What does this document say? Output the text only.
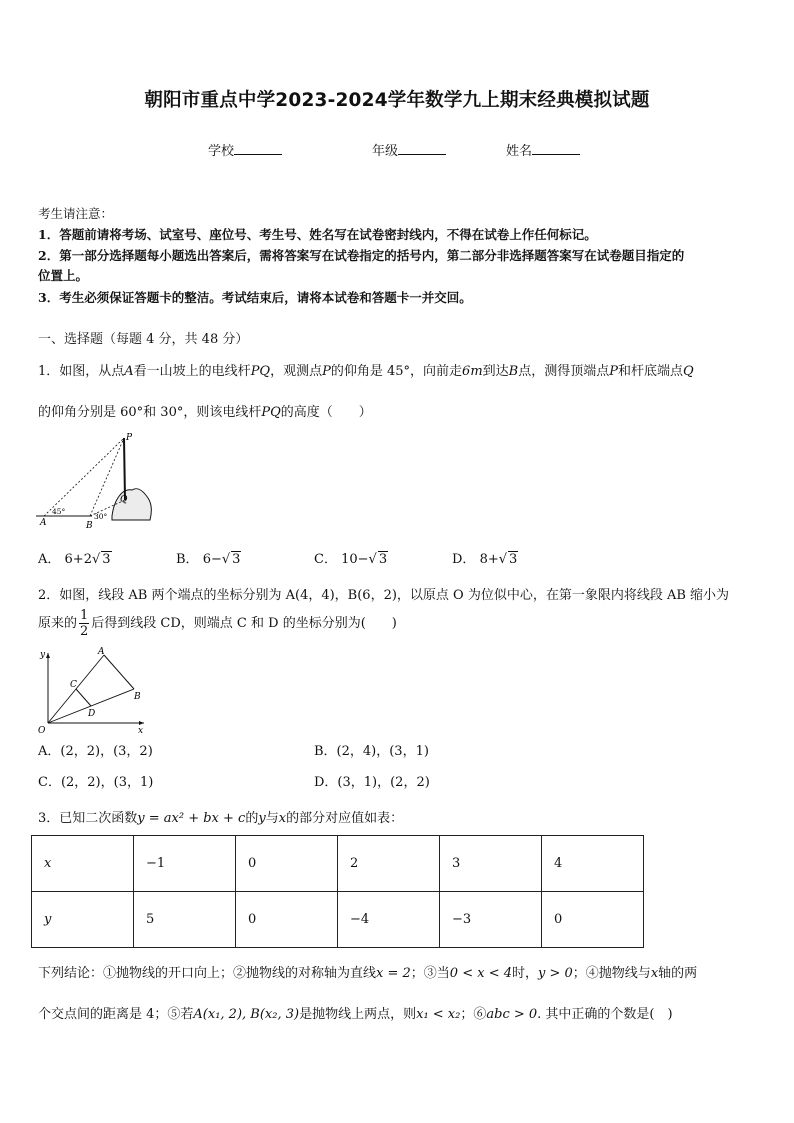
朝阳市重点中学2023-2024学年数学九上期末经典模拟试题
学校	年级	姓名
考生请注意：
1．答题前请将考场、试室号、座位号、考生号、姓名写在试卷密封线内，不得在试卷上作任何标记。
2．第一部分选择题每小题选出答案后，需将答案写在试卷指定的括号内，第二部分非选择题答案写在试卷题目指定的
位置上。
3．考生必须保证答题卡的整洁。考试结束后，请将本试卷和答题卡一并交回。
一、选择题（每题 4 分，共 48 分）
1．如图，从点A看一山坡上的电线杆PQ，观测点P的仰角是 45°，向前走6m到达B点，测得顶端点P和杆底端点Q
的仰角分别是 60°和 30°，则该电线杆PQ的高度（　　）
P
Q
A	B
45°
30°
A． 6+2√ 3	B． 6−√ 3	C． 10−√ 3	D． 8+√ 3
2．如图，线段 AB 两个端点的坐标分别为 A(4，4)，B(6，2)，以原点 O 为位似中心，在第一象限内将线段 AB 缩小为
原来的 $\frac{1}{2}$ 后得到线段 CD，则端点 C 和 D 的坐标分别为(　　)
y
x
O
A
B
C
D
A．(2，2)，(3，2)	B．(2，4)，(3，1)
C．(2，2)，(3，1)	D．(3，1)，(2，2)
3．已知二次函数y = ax² + bx + c的y与x的部分对应值如表：
x	−1	0	2	3	4
y	5	0	−4	−3	0
下列结论：①抛物线的开口向上；②抛物线的对称轴为直线x = 2；③当0 < x < 4时，y > 0；④抛物线与x轴的两
个交点间的距离是 4；⑤若A(x₁, 2), B(x₂, 3)是抛物线上两点，则x₁ < x₂；⑥abc > 0. 其中正确的个数是(　)
